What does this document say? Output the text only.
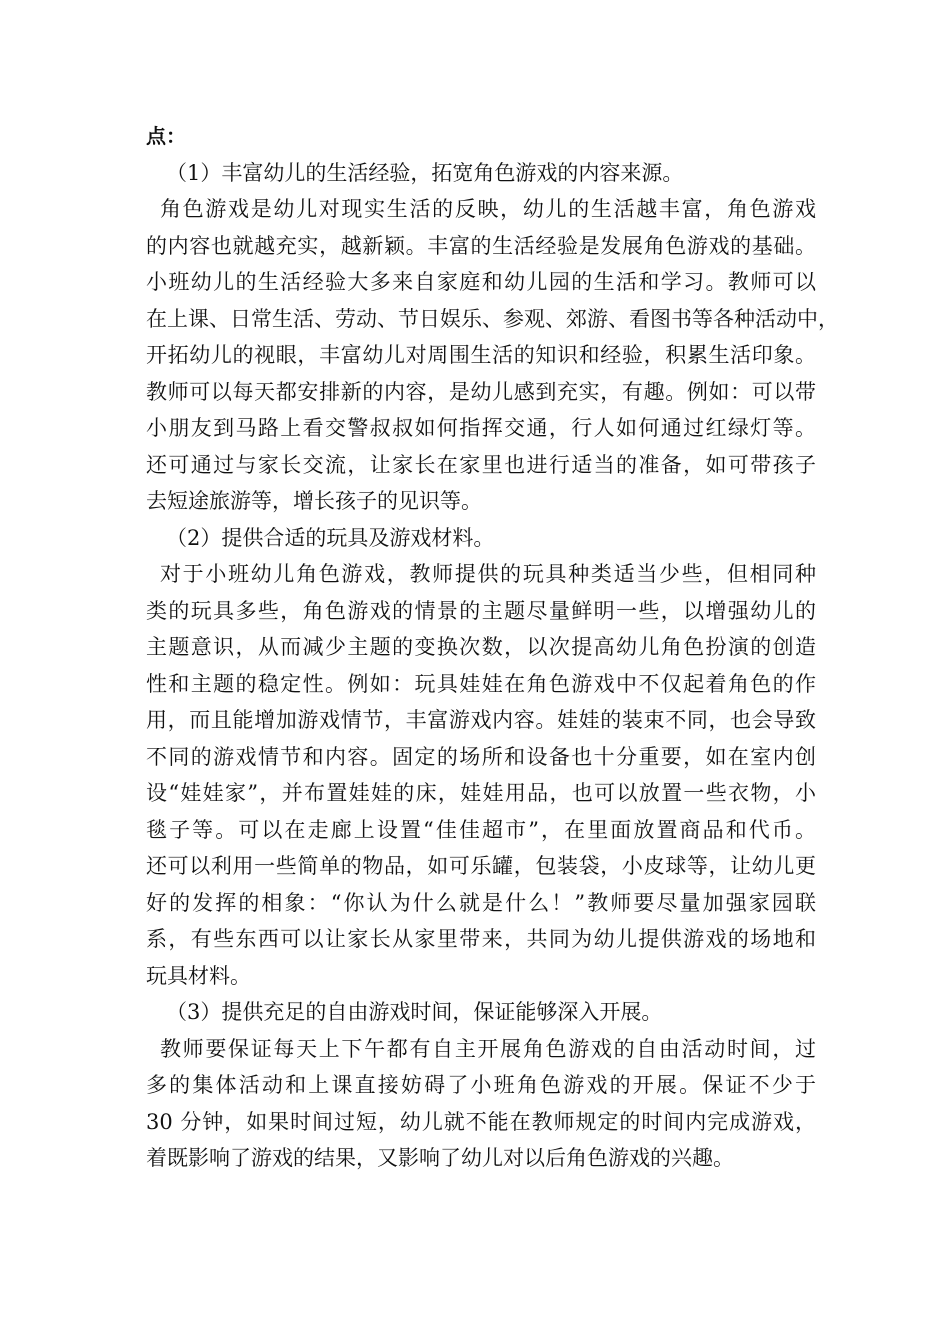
点：
（1）丰富幼儿的生活经验，拓宽角色游戏的内容来源。
角色游戏是幼儿对现实生活的反映，幼儿的生活越丰富，角色游戏
的内容也就越充实，越新颖。丰富的生活经验是发展角色游戏的基础。
小班幼儿的生活经验大多来自家庭和幼儿园的生活和学习。教师可以
在上课、日常生活、劳动、节日娱乐、参观、郊游、看图书等各种活动中，
开拓幼儿的视眼，丰富幼儿对周围生活的知识和经验，积累生活印象。
教师可以每天都安排新的内容，是幼儿感到充实，有趣。例如：可以带
小朋友到马路上看交警叔叔如何指挥交通，行人如何通过红绿灯等。
还可通过与家长交流，让家长在家里也进行适当的准备，如可带孩子
去短途旅游等，增长孩子的见识等。
（2）提供合适的玩具及游戏材料。
对于小班幼儿角色游戏，教师提供的玩具种类适当少些，但相同种
类的玩具多些，角色游戏的情景的主题尽量鲜明一些，以增强幼儿的
主题意识，从而减少主题的变换次数，以次提高幼儿角色扮演的创造
性和主题的稳定性。例如：玩具娃娃在角色游戏中不仅起着角色的作
用，而且能增加游戏情节，丰富游戏内容。娃娃的装束不同，也会导致
不同的游戏情节和内容。固定的场所和设备也十分重要，如在室内创
设“娃娃家”，并布置娃娃的床，娃娃用品，也可以放置一些衣物，小
毯子等。可以在走廊上设置“佳佳超市”，在里面放置商品和代币。
还可以利用一些简单的物品，如可乐罐，包装袋，小皮球等，让幼儿更
好的发挥的相象：“你认为什么就是什么！”教师要尽量加强家园联
系，有些东西可以让家长从家里带来，共同为幼儿提供游戏的场地和
玩具材料。
（3）提供充足的自由游戏时间，保证能够深入开展。
教师要保证每天上下午都有自主开展角色游戏的自由活动时间，过
多的集体活动和上课直接妨碍了小班角色游戏的开展。保证不少于
30 分钟，如果时间过短，幼儿就不能在教师规定的时间内完成游戏，
着既影响了游戏的结果，又影响了幼儿对以后角色游戏的兴趣。
